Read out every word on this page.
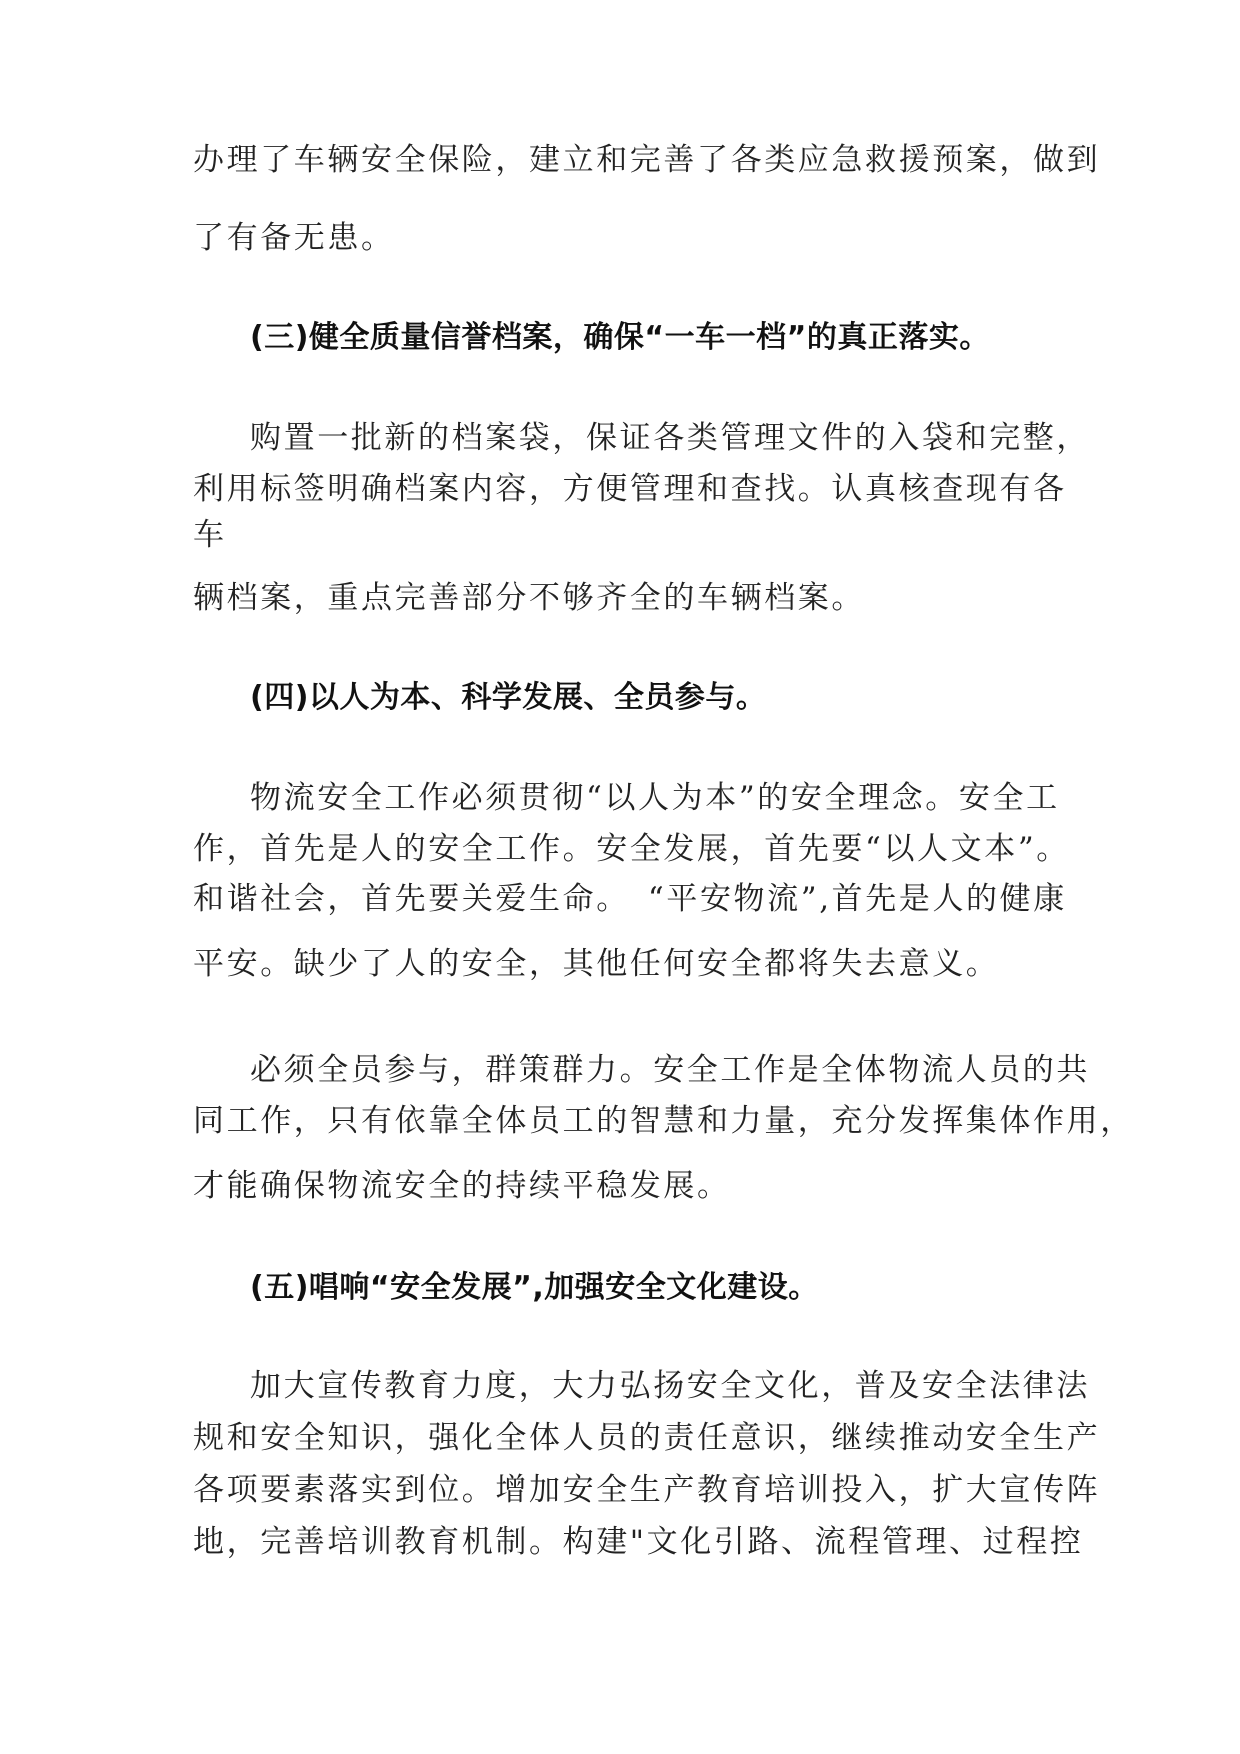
办理了车辆安全保险，建立和完善了各类应急救援预案，做到
了有备无患。
(三)健全质量信誉档案，确保“一车一档”的真正落实。
购置一批新的档案袋，保证各类管理文件的入袋和完整，
利用标签明确档案内容，方便管理和查找。认真核查现有各
车
辆档案，重点完善部分不够齐全的车辆档案。
(四)以人为本、科学发展、全员参与。
物流安全工作必须贯彻“以人为本”的安全理念。安全工
作，首先是人的安全工作。安全发展，首先要“以人文本”。
和谐社会，首先要关爱生命。　“平安物流”,首先是人的健康
平安。缺少了人的安全，其他任何安全都将失去意义。
必须全员参与，群策群力。安全工作是全体物流人员的共
同工作，只有依靠全体员工的智慧和力量，充分发挥集体作用，
才能确保物流安全的持续平稳发展。
(五)唱响“安全发展”,加强安全文化建设。
加大宣传教育力度，大力弘扬安全文化，普及安全法律法
规和安全知识，强化全体人员的责任意识，继续推动安全生产
各项要素落实到位。增加安全生产教育培训投入，扩大宣传阵
地，完善培训教育机制。构建"文化引路、流程管理、过程控
